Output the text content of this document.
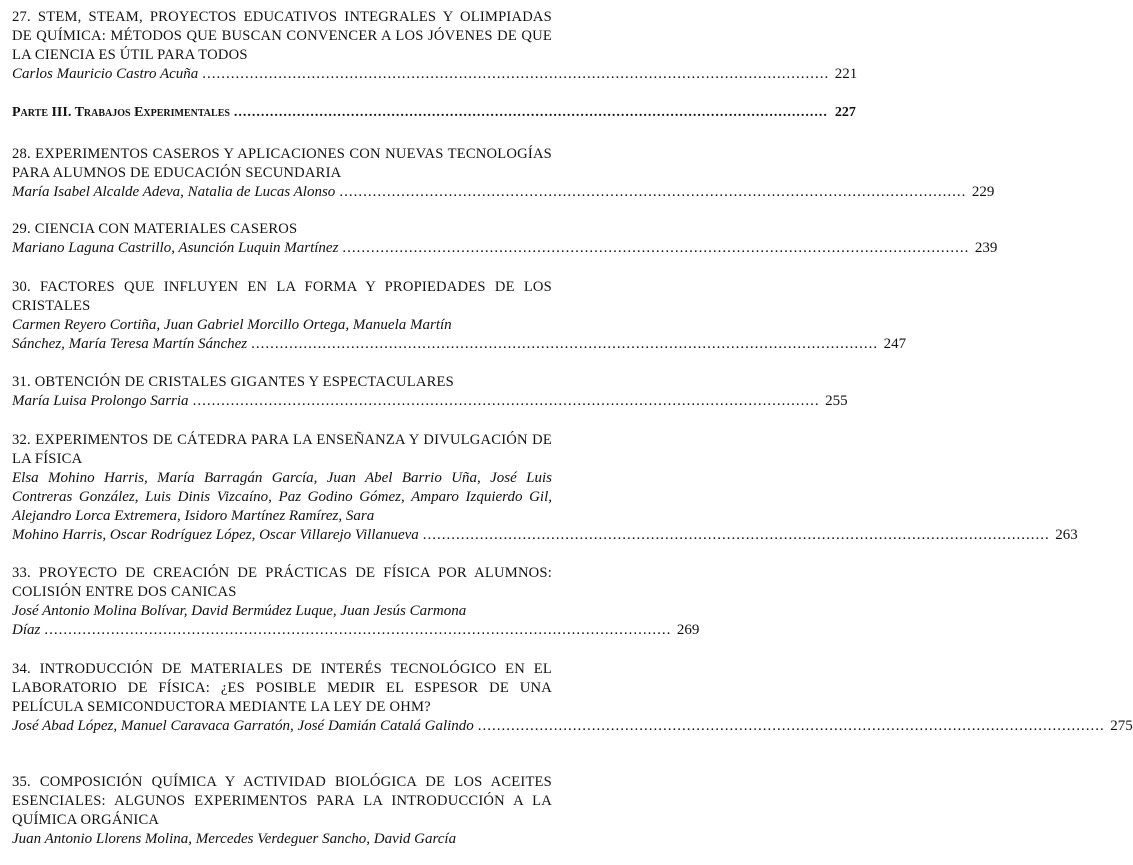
27. STEM, STEAM, PROYECTOS EDUCATIVOS INTEGRALES Y OLIMPIADAS DE QUÍMICA: MÉTODOS QUE BUSCAN CONVENCER A LOS JÓVENES DE QUE LA CIENCIA ES ÚTIL PARA TODOS
Carlos Mauricio Castro Acuña .................................................................................................................................... 221
Parte III. Trabajos Experimentales .................................................................................................................................... 227
28. EXPERIMENTOS CASEROS Y APLICACIONES CON NUEVAS TECNOLOGÍAS PARA ALUMNOS DE EDUCACIÓN SECUNDARIA
María Isabel Alcalde Adeva, Natalia de Lucas Alonso .................................................................................................................................... 229
29. CIENCIA CON MATERIALES CASEROS
Mariano Laguna Castrillo, Asunción Luquin Martínez .................................................................................................................................... 239
30. FACTORES QUE INFLUYEN EN LA FORMA Y PROPIEDADES DE LOS CRISTALES
Carmen Reyero Cortiña, Juan Gabriel Morcillo Ortega, Manuela Martín
Sánchez, María Teresa Martín Sánchez .................................................................................................................................... 247
31. OBTENCIÓN DE CRISTALES GIGANTES Y ESPECTACULARES
María Luisa Prolongo Sarria .................................................................................................................................... 255
32. EXPERIMENTOS DE CÁTEDRA PARA LA ENSEÑANZA Y DIVULGACIÓN DE LA FÍSICA
Elsa Mohino Harris, María Barragán García, Juan Abel Barrio Uña, José Luis Contreras González, Luis Dinis Vizcaíno, Paz Godino Gómez, Amparo Izquierdo Gil, Alejandro Lorca Extremera, Isidoro Martínez Ramírez, Sara
Mohino Harris, Oscar Rodríguez López, Oscar Villarejo Villanueva .................................................................................................................................... 263
33. PROYECTO DE CREACIÓN DE PRÁCTICAS DE FÍSICA POR ALUMNOS: COLISIÓN ENTRE DOS CANICAS
José Antonio Molina Bolívar, David Bermúdez Luque, Juan Jesús Carmona
Díaz .................................................................................................................................... 269
34. INTRODUCCIÓN DE MATERIALES DE INTERÉS TECNOLÓGICO EN EL LABORATORIO DE FÍSICA: ¿ES POSIBLE MEDIR EL ESPESOR DE UNA PELÍCULA SEMICONDUCTORA MEDIANTE LA LEY DE OHM?
José Abad López, Manuel Caravaca Garratón, José Damián Catalá Galindo .................................................................................................................................... 275
35. COMPOSICIÓN QUÍMICA Y ACTIVIDAD BIOLÓGICA DE LOS ACEITES ESENCIALES: ALGUNOS EXPERIMENTOS PARA LA INTRODUCCIÓN A LA QUÍMICA ORGÁNICA
Juan Antonio Llorens Molina, Mercedes Verdeguer Sancho, David García
